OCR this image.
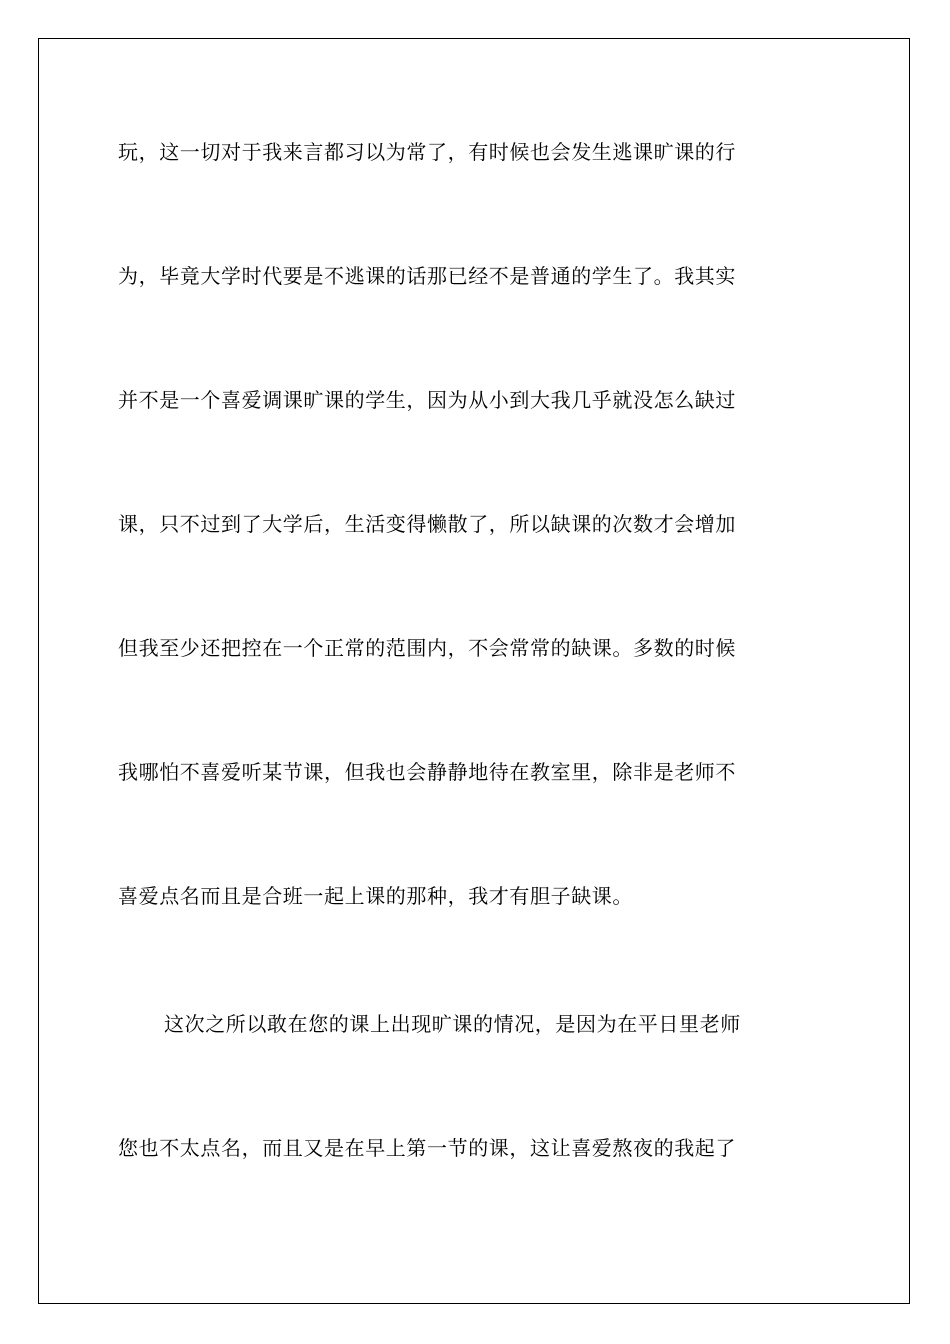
玩，这一切对于我来言都习以为常了，有时候也会发生逃课旷课的行
为，毕竟大学时代要是不逃课的话那已经不是普通的学生了。我其实
并不是一个喜爱调课旷课的学生，因为从小到大我几乎就没怎么缺过
课，只不过到了大学后，生活变得懒散了，所以缺课的次数才会增加
但我至少还把控在一个正常的范围内，不会常常的缺课。多数的时候
我哪怕不喜爱听某节课，但我也会静静地待在教室里，除非是老师不
喜爱点名而且是合班一起上课的那种，我才有胆子缺课。
这次之所以敢在您的课上出现旷课的情况，是因为在平日里老师
您也不太点名，而且又是在早上第一节的课，这让喜爱熬夜的我起了
